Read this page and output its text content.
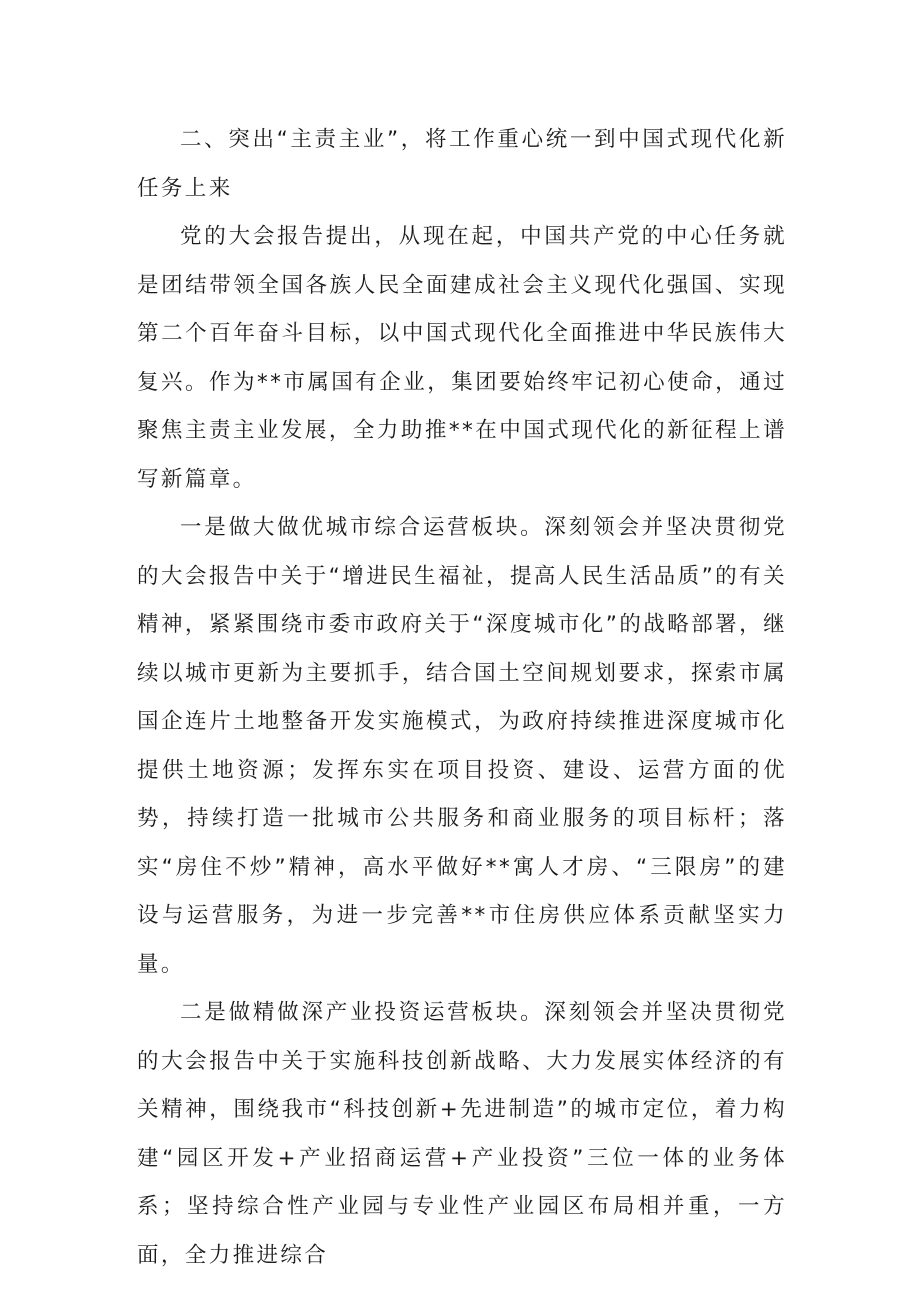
二、突出“主责主业”，将工作重心统一到中国式现代化新任务上来

党的大会报告提出，从现在起，中国共产党的中心任务就是团结带领全国各族人民全面建成社会主义现代化强国、实现第二个百年奋斗目标，以中国式现代化全面推进中华民族伟大复兴。作为**市属国有企业，集团要始终牢记初心使命，通过聚焦主责主业发展，全力助推**在中国式现代化的新征程上谱写新篇章。

一是做大做优城市综合运营板块。深刻领会并坚决贯彻党的大会报告中关于“增进民生福祉，提高人民生活品质”的有关精神，紧紧围绕市委市政府关于“深度城市化”的战略部署，继续以城市更新为主要抓手，结合国土空间规划要求，探索市属国企连片土地整备开发实施模式，为政府持续推进深度城市化提供土地资源；发挥东实在项目投资、建设、运营方面的优势，持续打造一批城市公共服务和商业服务的项目标杆；落实“房住不炒”精神，高水平做好**寓人才房、“三限房”的建设与运营服务，为进一步完善**市住房供应体系贡献坚实力量。

二是做精做深产业投资运营板块。深刻领会并坚决贯彻党的大会报告中关于实施科技创新战略、大力发展实体经济的有关精神，围绕我市“科技创新+先进制造”的城市定位，着力构建“园区开发+产业招商运营+产业投资”三位一体的业务体系；坚持综合性产业园与专业性产业园区布局相并重，一方面，全力推进综合
